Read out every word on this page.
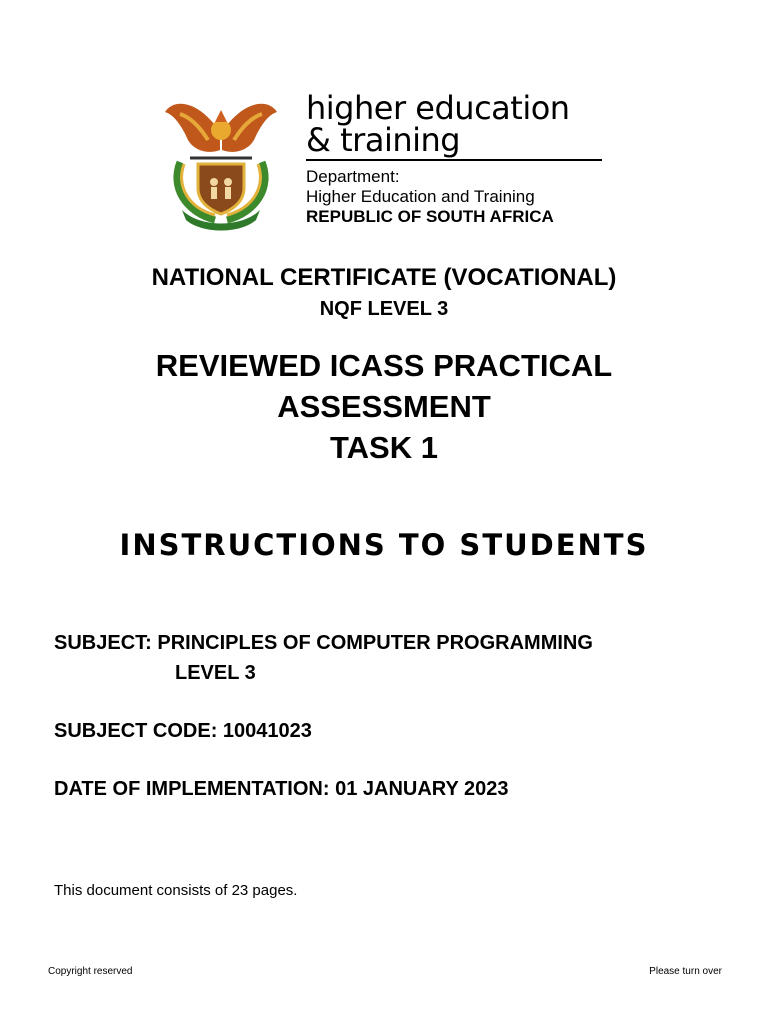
higher education
& training
Department:
Higher Education and Training
REPUBLIC OF SOUTH AFRICA
NATIONAL CERTIFICATE (VOCATIONAL)
NQF LEVEL 3
REVIEWED ICASS PRACTICAL
ASSESSMENT
TASK 1
INSTRUCTIONS TO STUDENTS
SUBJECT: PRINCIPLES OF COMPUTER PROGRAMMING
LEVEL 3
SUBJECT CODE: 10041023
DATE OF IMPLEMENTATION: 01 JANUARY 2023
This document consists of 23 pages.
Copyright reserved	Please turn over
